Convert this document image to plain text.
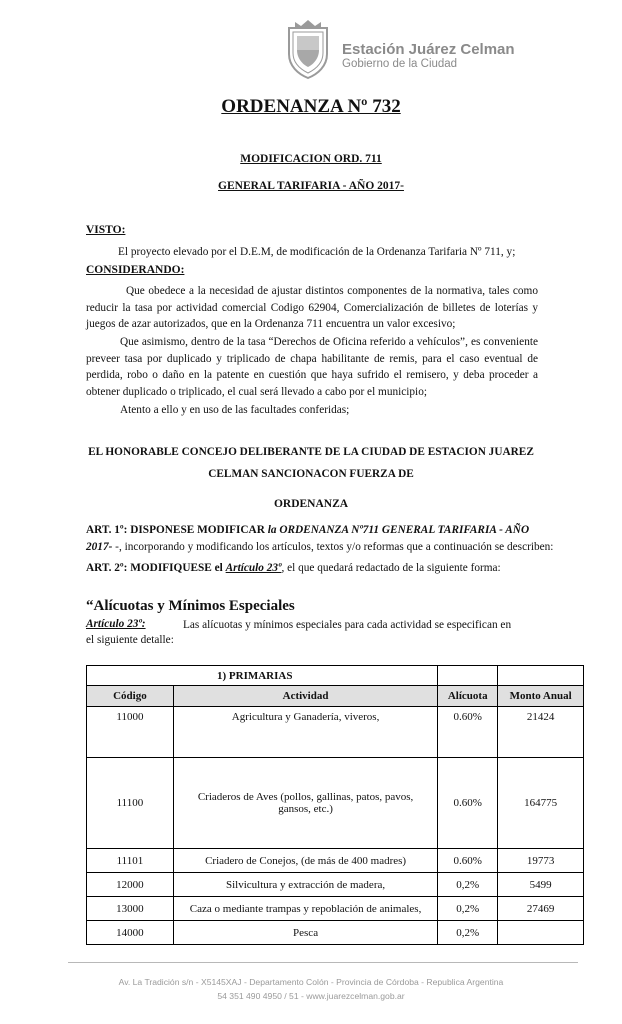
Estación Juárez Celman
Gobierno de la Ciudad
ORDENANZA Nº 732
MODIFICACION ORD. 711
GENERAL TARIFARIA - AÑO 2017-
VISTO:
El proyecto elevado por el D.E.M, de modificación de la Ordenanza Tarifaria Nº 711, y;
CONSIDERANDO:
Que obedece a la necesidad de ajustar distintos componentes de la normativa, tales como reducir la tasa por actividad comercial Codigo 62904, Comercialización de billetes de loterías y juegos de azar autorizados, que en la Ordenanza 711 encuentra un valor excesivo;
Que asimismo, dentro de la tasa “Derechos de Oficina referido a vehículos”, es conveniente preveer tasa por duplicado y triplicado de chapa habilitante de remis, para el caso eventual de perdida, robo o daño en la patente en cuestión que haya sufrido el remisero, y deba proceder a obtener duplicado o triplicado, el cual será llevado a cabo por el municipio;
Atento a ello y en uso de las facultades conferidas;
EL HONORABLE CONCEJO DELIBERANTE DE LA CIUDAD DE ESTACION JUAREZ
CELMAN SANCIONACON FUERZA DE
ORDENANZA
ART. 1º: DISPONESE MODIFICAR la ORDENANZA Nº711 GENERAL TARIFARIA - AÑO
2017- -, incorporando y modificando los artículos, textos y/o reformas que a continuación se describen:
ART. 2º: MODIFIQUESE el Artículo 23º, el que quedará redactado de la siguiente forma:
“Alícuotas y Mínimos Especiales
Artículo 23º:	Las alícuotas y mínimos especiales para cada actividad se especifican en
el siguiente detalle:
1) PRIMARIAS			
Código	Actividad	Alícuota	Monto Anual
11000	Agricultura y Ganadería, viveros,	0.60%	21424
11100	Criaderos de Aves (pollos, gallinas, patos, pavos, gansos, etc.)	0.60%	164775
11101	Criadero de Conejos, (de más de 400 madres)	0.60%	19773
12000	Silvicultura y extracción de madera,	0,2%	5499
13000	Caza o mediante trampas y repoblación de animales,	0,2%	27469
14000	Pesca	0,2%	
Av. La Tradición s/n - X5145XAJ - Departamento Colón - Provincia de Córdoba - Republica Argentina
54 351 490 4950 / 51 - www.juarezcelman.gob.ar
